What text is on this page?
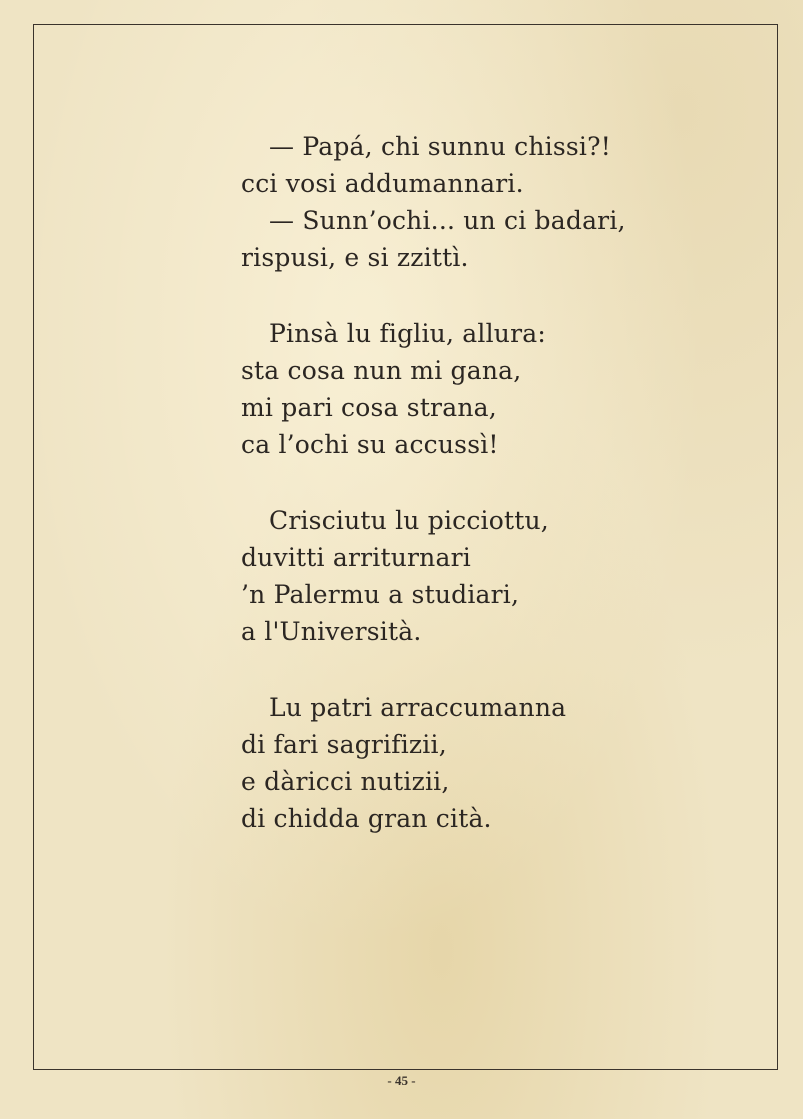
— Papá, chi sunnu chissi?!
cci vosi addumannari.
— Sunn’ochi... un ci badari,
rispusi, e si zzittì.
Pinsà lu figliu, allura:
sta cosa nun mi gana,
mi pari cosa strana,
ca l’ochi su accussì!
Crisciutu lu picciottu,
duvitti arriturnari
’n Palermu a studiari,
a l'Università.
Lu patri arraccumanna
di fari sagrifizii,
e dàricci nutizii,
di chidda gran cità.
- 45 -
